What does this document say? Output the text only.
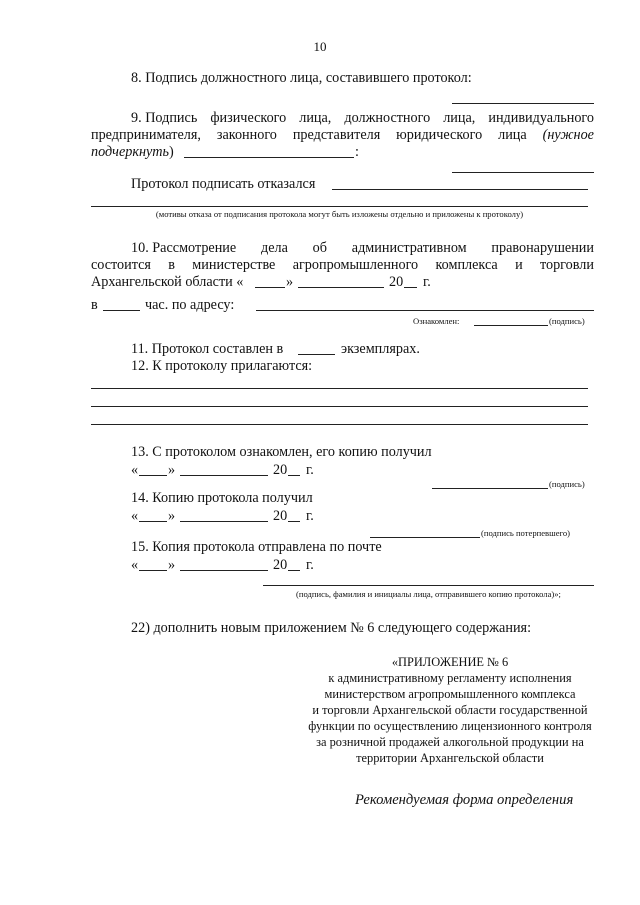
10
8. Подпись должностного лица, составившего протокол:
9. Подпись физического лица, должностного лица, индивидуального
предпринимателя, законного представителя юридического лица (нужное
подчеркнуть)	:
Протокол подписать отказался
(мотивы отказа от подписания протокола могут быть изложены отдельно и приложены к протоколу)
10. Рассмотрение дела об административном правонарушении
состоится в министерстве агропромышленного комплекса и торговли
Архангельской области «	»	20 г.
в	час. по адресу:
Ознакомлен:	(подпись)
11. Протокол составлен в	экземплярах.
12. К протоколу прилагаются:
13. С протоколом ознакомлен, его копию получил
« »	20 г.
(подпись)
14. Копию протокола получил
« »	20 г.
(подпись потерпевшего)
15. Копия протокола отправлена по почте
« »	20 г.
(подпись, фамилия и инициалы лица, отправившего копию протокола)»;
22) дополнить новым приложением № 6 следующего содержания:
«ПРИЛОЖЕНИЕ № 6
к административному регламенту исполнения
министерством агропромышленного комплекса
и торговли Архангельской области государственной
функции по осуществлению лицензионного контроля
за розничной продажей алкогольной продукции на
территории Архангельской области
Рекомендуемая форма определения
